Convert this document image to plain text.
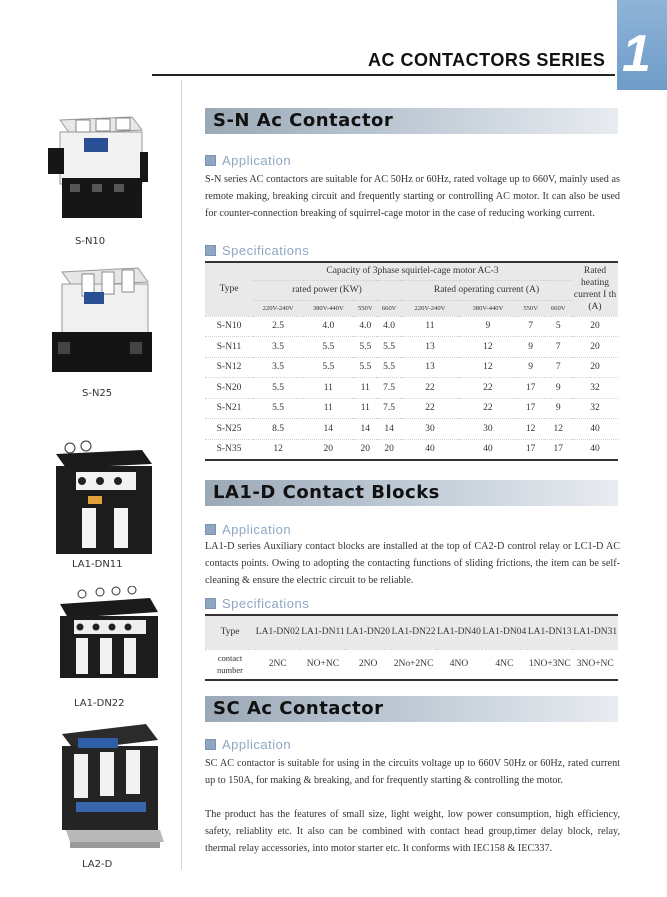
AC CONTACTORS SERIES 1
S-N10
S-N25
LA1-DN11
LA1-DN22
LA2-D
S-N Ac Contactor
Application
S-N series AC contactors are suitable for AC 50Hz or 60Hz, rated voltage up to 660V, mainly used as remote making, breaking circuit and frequently starting or controlling AC motor. It can also be used for counter-connection breaking of squirrel-cage motor in the case of reducing working current.
Specifications
Type	Capacity of 3phase squirlel-cage motor AC-3								Rated heating current I th (A)
	rated power (KW)				Rated operating current (A)				
	220V-240V	380V-440V	550V	660V	220V-240V	380V-440V	550V	660V	
S-N10	2.5	4.0	4.0	4.0	11	9	7	5	20
S-N11	3.5	5.5	5.5	5.5	13	12	9	7	20
S-N12	3.5	5.5	5.5	5.5	13	12	9	7	20
S-N20	5.5	11	11	7.5	22	22	17	9	32
S-N21	5.5	11	11	7.5	22	22	17	9	32
S-N25	8.5	14	14	14	30	30	12	12	40
S-N35	12	20	20	20	40	40	17	17	40
LA1-D Contact Blocks
Application
LA1-D series Auxiliary contact blocks are installed at the top of CA2-D control relay or LC1-D AC contacts points. Owing to adopting the contacting functions of sliding frictions, the item can be self-cleaning & ensure the electric circuit to be reliable.
Specifications
Type	LA1-DN02	LA1-DN11	LA1-DN20	LA1-DN22	LA1-DN40	LA1-DN04	LA1-DN13	LA1-DN31
contact number	2NC	NO+NC	2NO	2No+2NC	4NO	4NC	1NO+3NC	3NO+NC
SC Ac Contactor
Application
SC AC contactor is suitable for using in the circuits voltage up to 660V 50Hz or 60Hz, rated current up to 150A, for making & breaking, and for frequently starting & controlling the motor.
The product has the features of small size, light weight, low power consumption, high efficiency, safety, reliablity etc. It also can be combined with contact head group,timer delay block, relay, thermal relay accessories, into motor starter etc. It conforms with IEC158 & IEC337.
